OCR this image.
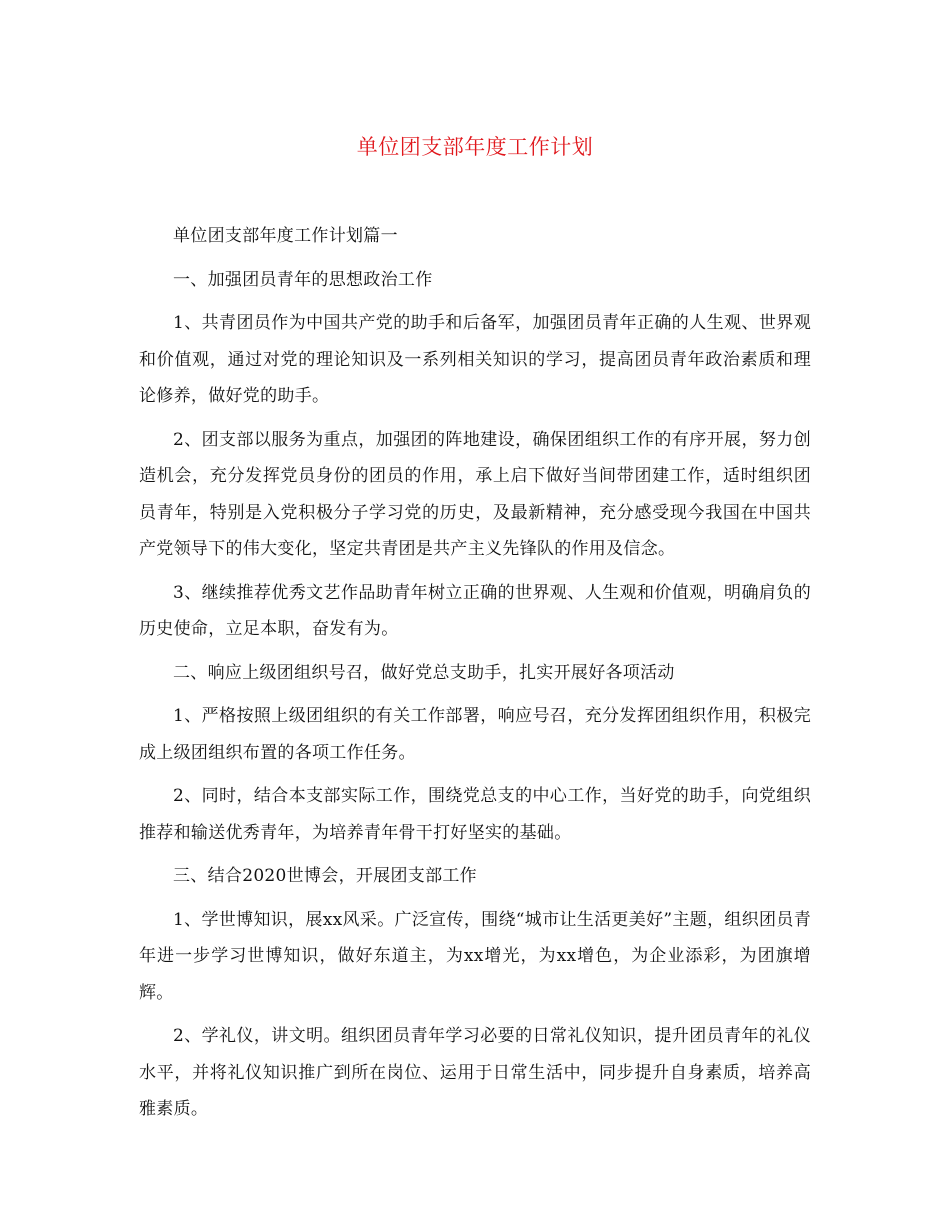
单位团支部年度工作计划

单位团支部年度工作计划篇一

一、加强团员青年的思想政治工作

1、共青团员作为中国共产党的助手和后备军，加强团员青年正确的人生观、世界观和价值观，通过对党的理论知识及一系列相关知识的学习，提高团员青年政治素质和理论修养，做好党的助手。

2、团支部以服务为重点，加强团的阵地建设，确保团组织工作的有序开展，努力创造机会，充分发挥党员身份的团员的作用，承上启下做好当间带团建工作，适时组织团员青年，特别是入党积极分子学习党的历史，及最新精神，充分感受现今我国在中国共产党领导下的伟大变化，坚定共青团是共产主义先锋队的作用及信念。

3、继续推荐优秀文艺作品助青年树立正确的世界观、人生观和价值观，明确肩负的历史使命，立足本职，奋发有为。

二、响应上级团组织号召，做好党总支助手，扎实开展好各项活动

1、严格按照上级团组织的有关工作部署，响应号召，充分发挥团组织作用，积极完成上级团组织布置的各项工作任务。

2、同时，结合本支部实际工作，围绕党总支的中心工作，当好党的助手，向党组织推荐和输送优秀青年，为培养青年骨干打好坚实的基础。

三、结合2020世博会，开展团支部工作

1、学世博知识，展xx风采。广泛宣传，围绕“城市让生活更美好”主题，组织团员青年进一步学习世博知识，做好东道主，为xx增光，为xx增色，为企业添彩，为团旗增辉。

2、学礼仪，讲文明。组织团员青年学习必要的日常礼仪知识，提升团员青年的礼仪水平，并将礼仪知识推广到所在岗位、运用于日常生活中，同步提升自身素质，培养高雅素质。
